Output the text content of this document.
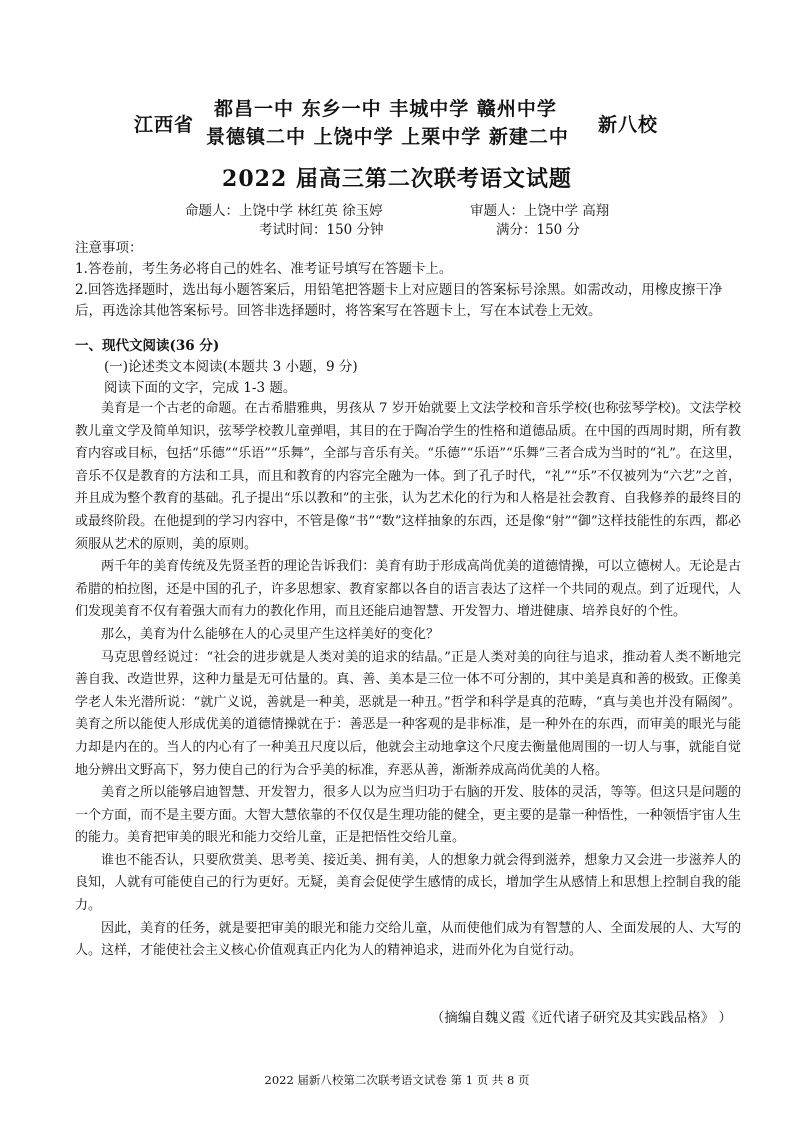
江西省
都昌一中 东乡一中 丰城中学 赣州中学
景德镇二中 上饶中学 上栗中学 新建二中
新八校
2022 届高三第二次联考语文试题
命题人：上饶中学 林红英 徐玉婷	审题人：上饶中学 高翔
考试时间：150 分钟	满分：150 分
注意事项：
1.答卷前，考生务必将自己的姓名、准考证号填写在答题卡上。
2.回答选择题时，选出每小题答案后，用铅笔把答题卡上对应题目的答案标号涂黑。如需改动，用橡皮擦干净后，再选涂其他答案标号。回答非选择题时，将答案写在答题卡上，写在本试卷上无效。
一、现代文阅读(36 分)
(一)论述类文本阅读(本题共 3 小题，9 分)
阅读下面的文字，完成 1-3 题。

美育是一个古老的命题。在古希腊雅典，男孩从 7 岁开始就要上文法学校和音乐学校(也称弦琴学校)。文法学校教儿童文学及简单知识，弦琴学校教儿童弹唱，其目的在于陶冶学生的性格和道德品质。在中国的西周时期，所有教育内容或目标，包括“乐德”“乐语”“乐舞”，全部与音乐有关。“乐德”“乐语”“乐舞”三者合成为当时的“礼”。在这里，音乐不仅是教育的方法和工具，而且和教育的内容完全融为一体。到了孔子时代，“礼”“乐”不仅被列为“六艺”之首，并且成为整个教育的基础。孔子提出“乐以教和”的主张，认为艺术化的行为和人格是社会教育、自我修养的最终目的或最终阶段。在他提到的学习内容中，不管是像“书”“数”这样抽象的东西，还是像“射”“御”这样技能性的东西，都必须服从艺术的原则，美的原则。

两千年的美育传统及先贤圣哲的理论告诉我们：美育有助于形成高尚优美的道德情操，可以立德树人。无论是古希腊的柏拉图，还是中国的孔子，许多思想家、教育家都以各自的语言表达了这样一个共同的观点。到了近现代，人们发现美育不仅有着强大而有力的教化作用，而且还能启迪智慧、开发智力、增进健康、培养良好的个性。

那么，美育为什么能够在人的心灵里产生这样美好的变化？

马克思曾经说过：“社会的进步就是人类对美的追求的结晶。”正是人类对美的向往与追求，推动着人类不断地完善自我、改造世界，这种力量是无可估量的。真、善、美本是三位一体不可分割的，其中美是真和善的极致。正像美学老人朱光潜所说：“就广义说，善就是一种美，恶就是一种丑。”哲学和科学是真的范畴，“真与美也并没有隔阂”。美育之所以能使人形成优美的道德情操就在于：善恶是一种客观的是非标准，是一种外在的东西，而审美的眼光与能力却是内在的。当人的内心有了一种美丑尺度以后，他就会主动地拿这个尺度去衡量他周围的一切人与事，就能自觉地分辨出文野高下，努力使自己的行为合乎美的标准，弃恶从善，渐渐养成高尚优美的人格。

美育之所以能够启迪智慧、开发智力，很多人以为应当归功于右脑的开发、肢体的灵活，等等。但这只是问题的一个方面，而不是主要方面。大智大慧依靠的不仅仅是生理功能的健全，更主要的是靠一种悟性，一种领悟宇宙人生的能力。美育把审美的眼光和能力交给儿童，正是把悟性交给儿童。

谁也不能否认，只要欣赏美、思考美、接近美、拥有美，人的想象力就会得到滋养，想象力又会进一步滋养人的良知，人就有可能使自己的行为更好。无疑，美育会促使学生感情的成长，增加学生从感情上和思想上控制自我的能力。

因此，美育的任务，就是要把审美的眼光和能力交给儿童，从而使他们成为有智慧的人、全面发展的人、大写的人。这样，才能使社会主义核心价值观真正内化为人的精神追求，进而外化为自觉行动。

（摘编自魏义霞《近代诸子研究及其实践品格》 ）
2022 届新八校第二次联考语文试卷 第 1 页 共 8 页
